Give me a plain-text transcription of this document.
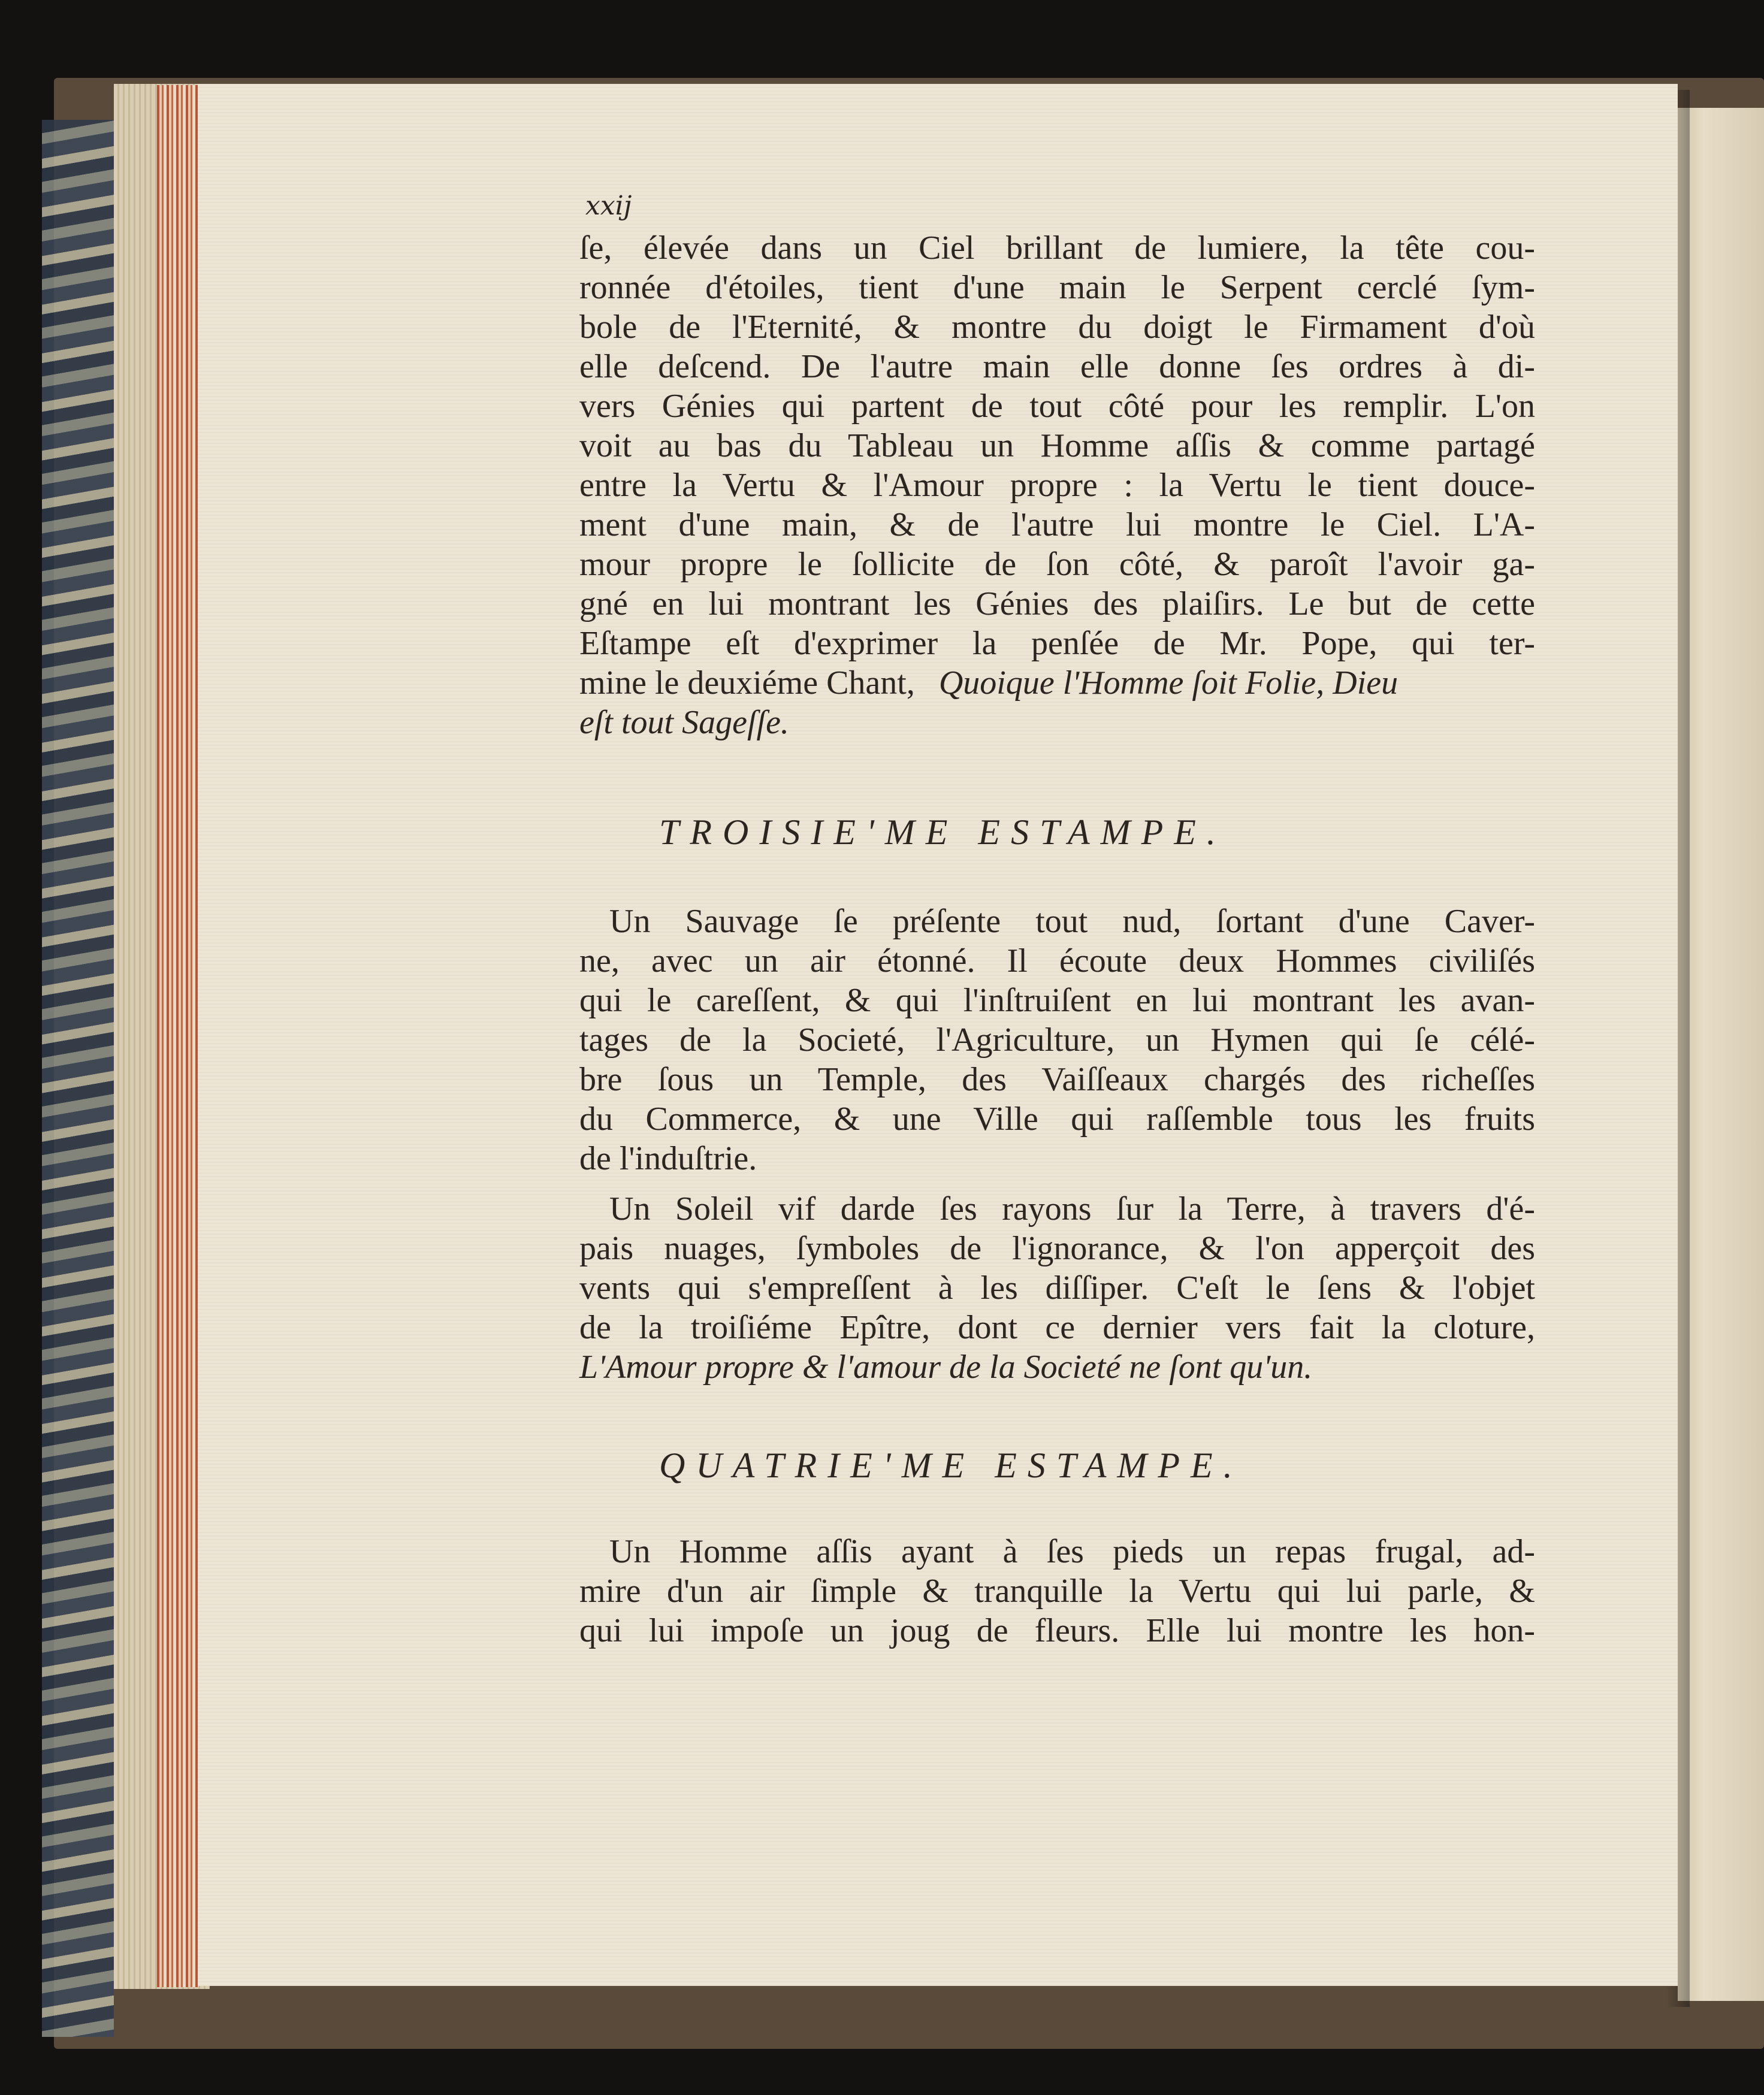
xxij
ſe, élevée dans un Ciel brillant de lumiere, la tête cou-
ronnée d'étoiles, tient d'une main le Serpent cerclé ſym-
bole de l'Eternité, & montre du doigt le Firmament d'où
elle deſcend. De l'autre main elle donne ſes ordres à di-
vers Génies qui partent de tout côté pour les remplir. L'on
voit au bas du Tableau un Homme aſſis & comme partagé
entre la Vertu & l'Amour propre : la Vertu le tient douce-
ment d'une main, & de l'autre lui montre le Ciel. L'A-
mour propre le ſollicite de ſon côté, & paroît l'avoir ga-
gné en lui montrant les Génies des plaiſirs. Le but de cette
Eſtampe eſt d'exprimer la penſée de Mr. Pope, qui ter-
mine le deuxiéme Chant, Quoique l'Homme ſoit Folie, Dieu
eſt tout Sageſſe.
TROISIE'ME ESTAMPE.
Un Sauvage ſe préſente tout nud, ſortant d'une Caver-
ne, avec un air étonné. Il écoute deux Hommes civiliſés
qui le careſſent, & qui l'inſtruiſent en lui montrant les avan-
tages de la Societé, l'Agriculture, un Hymen qui ſe célé-
bre ſous un Temple, des Vaiſſeaux chargés des richeſſes
du Commerce, & une Ville qui raſſemble tous les fruits
de l'induſtrie.
Un Soleil vif darde ſes rayons ſur la Terre, à travers d'é-
pais nuages, ſymboles de l'ignorance, & l'on apperçoit des
vents qui s'empreſſent à les diſſiper. C'eſt le ſens & l'objet
de la troiſiéme Epître, dont ce dernier vers fait la cloture,
L'Amour propre & l'amour de la Societé ne ſont qu'un.
QUATRIE'ME ESTAMPE.
Un Homme aſſis ayant à ſes pieds un repas frugal, ad-
mire d'un air ſimple & tranquille la Vertu qui lui parle, &
qui lui impoſe un joug de fleurs. Elle lui montre les hon-
